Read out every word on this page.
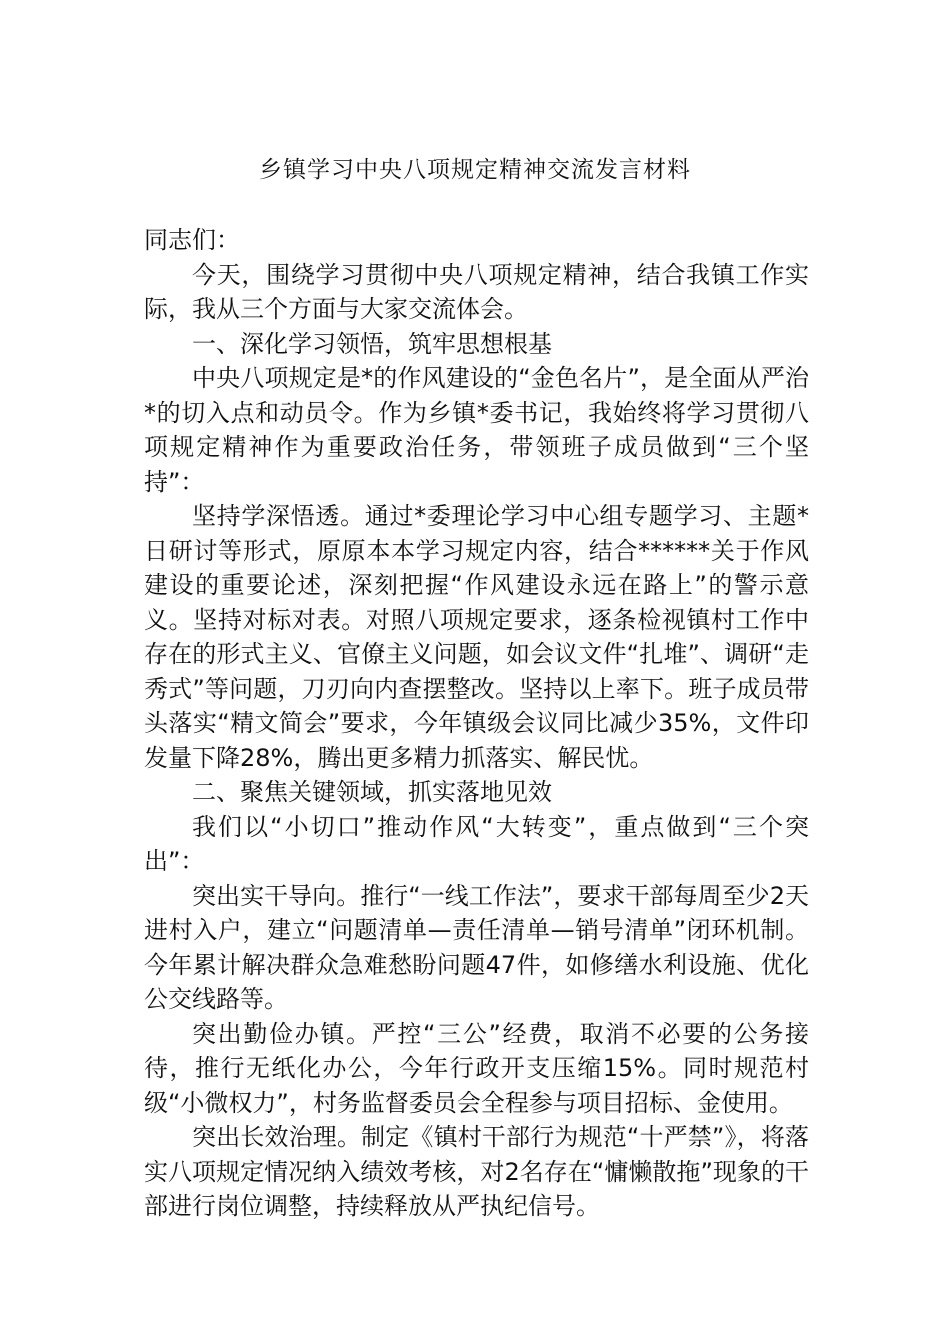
乡镇学习中央八项规定精神交流发言材料

同志们：

今天，围绕学习贯彻中央八项规定精神，结合我镇工作实际，我从三个方面与大家交流体会。

一、深化学习领悟，筑牢思想根基

中央八项规定是*的作风建设的“金色名片”，是全面从严治*的切入点和动员令。作为乡镇*委书记，我始终将学习贯彻八项规定精神作为重要政治任务，带领班子成员做到“三个坚持”：

坚持学深悟透。通过*委理论学习中心组专题学习、主题*日研讨等形式，原原本本学习规定内容，结合******关于作风建设的重要论述，深刻把握“作风建设永远在路上”的警示意义。坚持对标对表。对照八项规定要求，逐条检视镇村工作中存在的形式主义、官僚主义问题，如会议文件“扎堆”、调研“走秀式”等问题，刀刃向内查摆整改。坚持以上率下。班子成员带头落实“精文简会”要求，今年镇级会议同比减少35%，文件印发量下降28%，腾出更多精力抓落实、解民忧。

二、聚焦关键领域，抓实落地见效

我们以“小切口”推动作风“大转变”，重点做到“三个突出”：

突出实干导向。推行“一线工作法”，要求干部每周至少2天进村入户，建立“问题清单—责任清单—销号清单”闭环机制。今年累计解决群众急难愁盼问题47件，如修缮水利设施、优化公交线路等。

突出勤俭办镇。严控“三公”经费，取消不必要的公务接待，推行无纸化办公，今年行政开支压缩15%。同时规范村级“小微权力”，村务监督委员会全程参与项目招标、金使用。

突出长效治理。制定《镇村干部行为规范“十严禁”》，将落实八项规定情况纳入绩效考核，对2名存在“慵懒散拖”现象的干部进行岗位调整，持续释放从严执纪信号。
